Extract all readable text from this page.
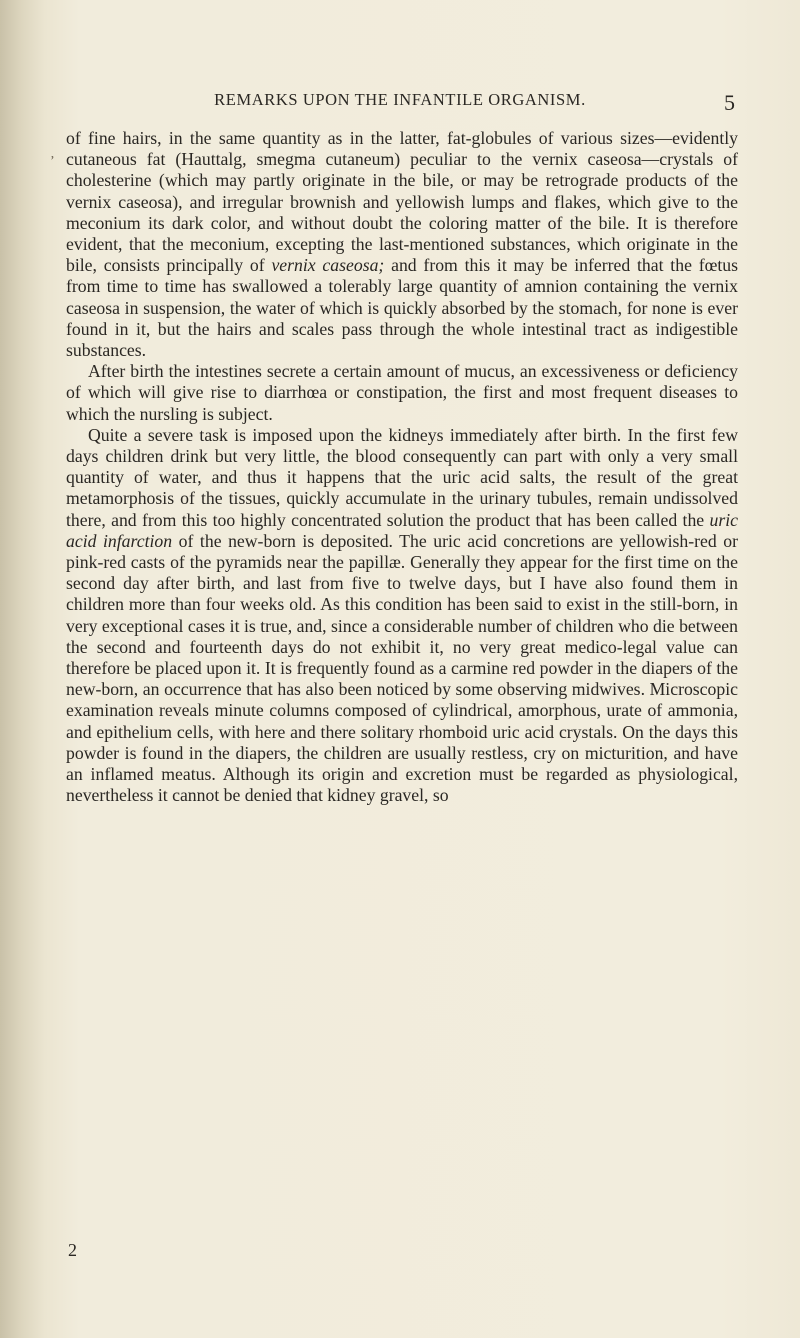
REMARKS UPON THE INFANTILE ORGANISM.	5
ʼ

of fine hairs, in the same quantity as in the latter, fat-globules of various sizes—evidently cutaneous fat (Hauttalg, smegma cutaneum) peculiar to the vernix caseosa—crystals of cholesterine (which may partly originate in the bile, or may be retrograde products of the vernix caseosa), and irregular brownish and yellowish lumps and flakes, which give to the meconium its dark color, and without doubt the coloring matter of the bile. It is therefore evident, that the meconium, excepting the last-mentioned substances, which originate in the bile, consists principally of vernix caseosa; and from this it may be inferred that the fœtus from time to time has swallowed a tolerably large quantity of amnion containing the vernix caseosa in suspension, the water of which is quickly absorbed by the stomach, for none is ever found in it, but the hairs and scales pass through the whole intestinal tract as indigestible substances.

After birth the intestines secrete a certain amount of mucus, an excessiveness or deficiency of which will give rise to diarrhœa or constipation, the first and most frequent diseases to which the nursling is subject.

Quite a severe task is imposed upon the kidneys immediately after birth. In the first few days children drink but very little, the blood consequently can part with only a very small quantity of water, and thus it happens that the uric acid salts, the result of the great metamorphosis of the tissues, quickly accumulate in the urinary tubules, remain undissolved there, and from this too highly concentrated solution the product that has been called the uric acid infarction of the new-born is deposited. The uric acid concretions are yellowish-red or pink-red casts of the pyramids near the papillæ. Generally they appear for the first time on the second day after birth, and last from five to twelve days, but I have also found them in children more than four weeks old. As this condition has been said to exist in the still-born, in very exceptional cases it is true, and, since a considerable number of children who die between the second and fourteenth days do not exhibit it, no very great medico-legal value can therefore be placed upon it. It is frequently found as a carmine red powder in the diapers of the new-born, an occurrence that has also been noticed by some observing midwives. Microscopic examination reveals minute columns composed of cylindrical, amorphous, urate of ammonia, and epithelium cells, with here and there solitary rhomboid uric acid crystals. On the days this powder is found in the diapers, the children are usually restless, cry on micturition, and have an inflamed meatus. Although its origin and excretion must be regarded as physiological, nevertheless it cannot be denied that kidney gravel, so

2
